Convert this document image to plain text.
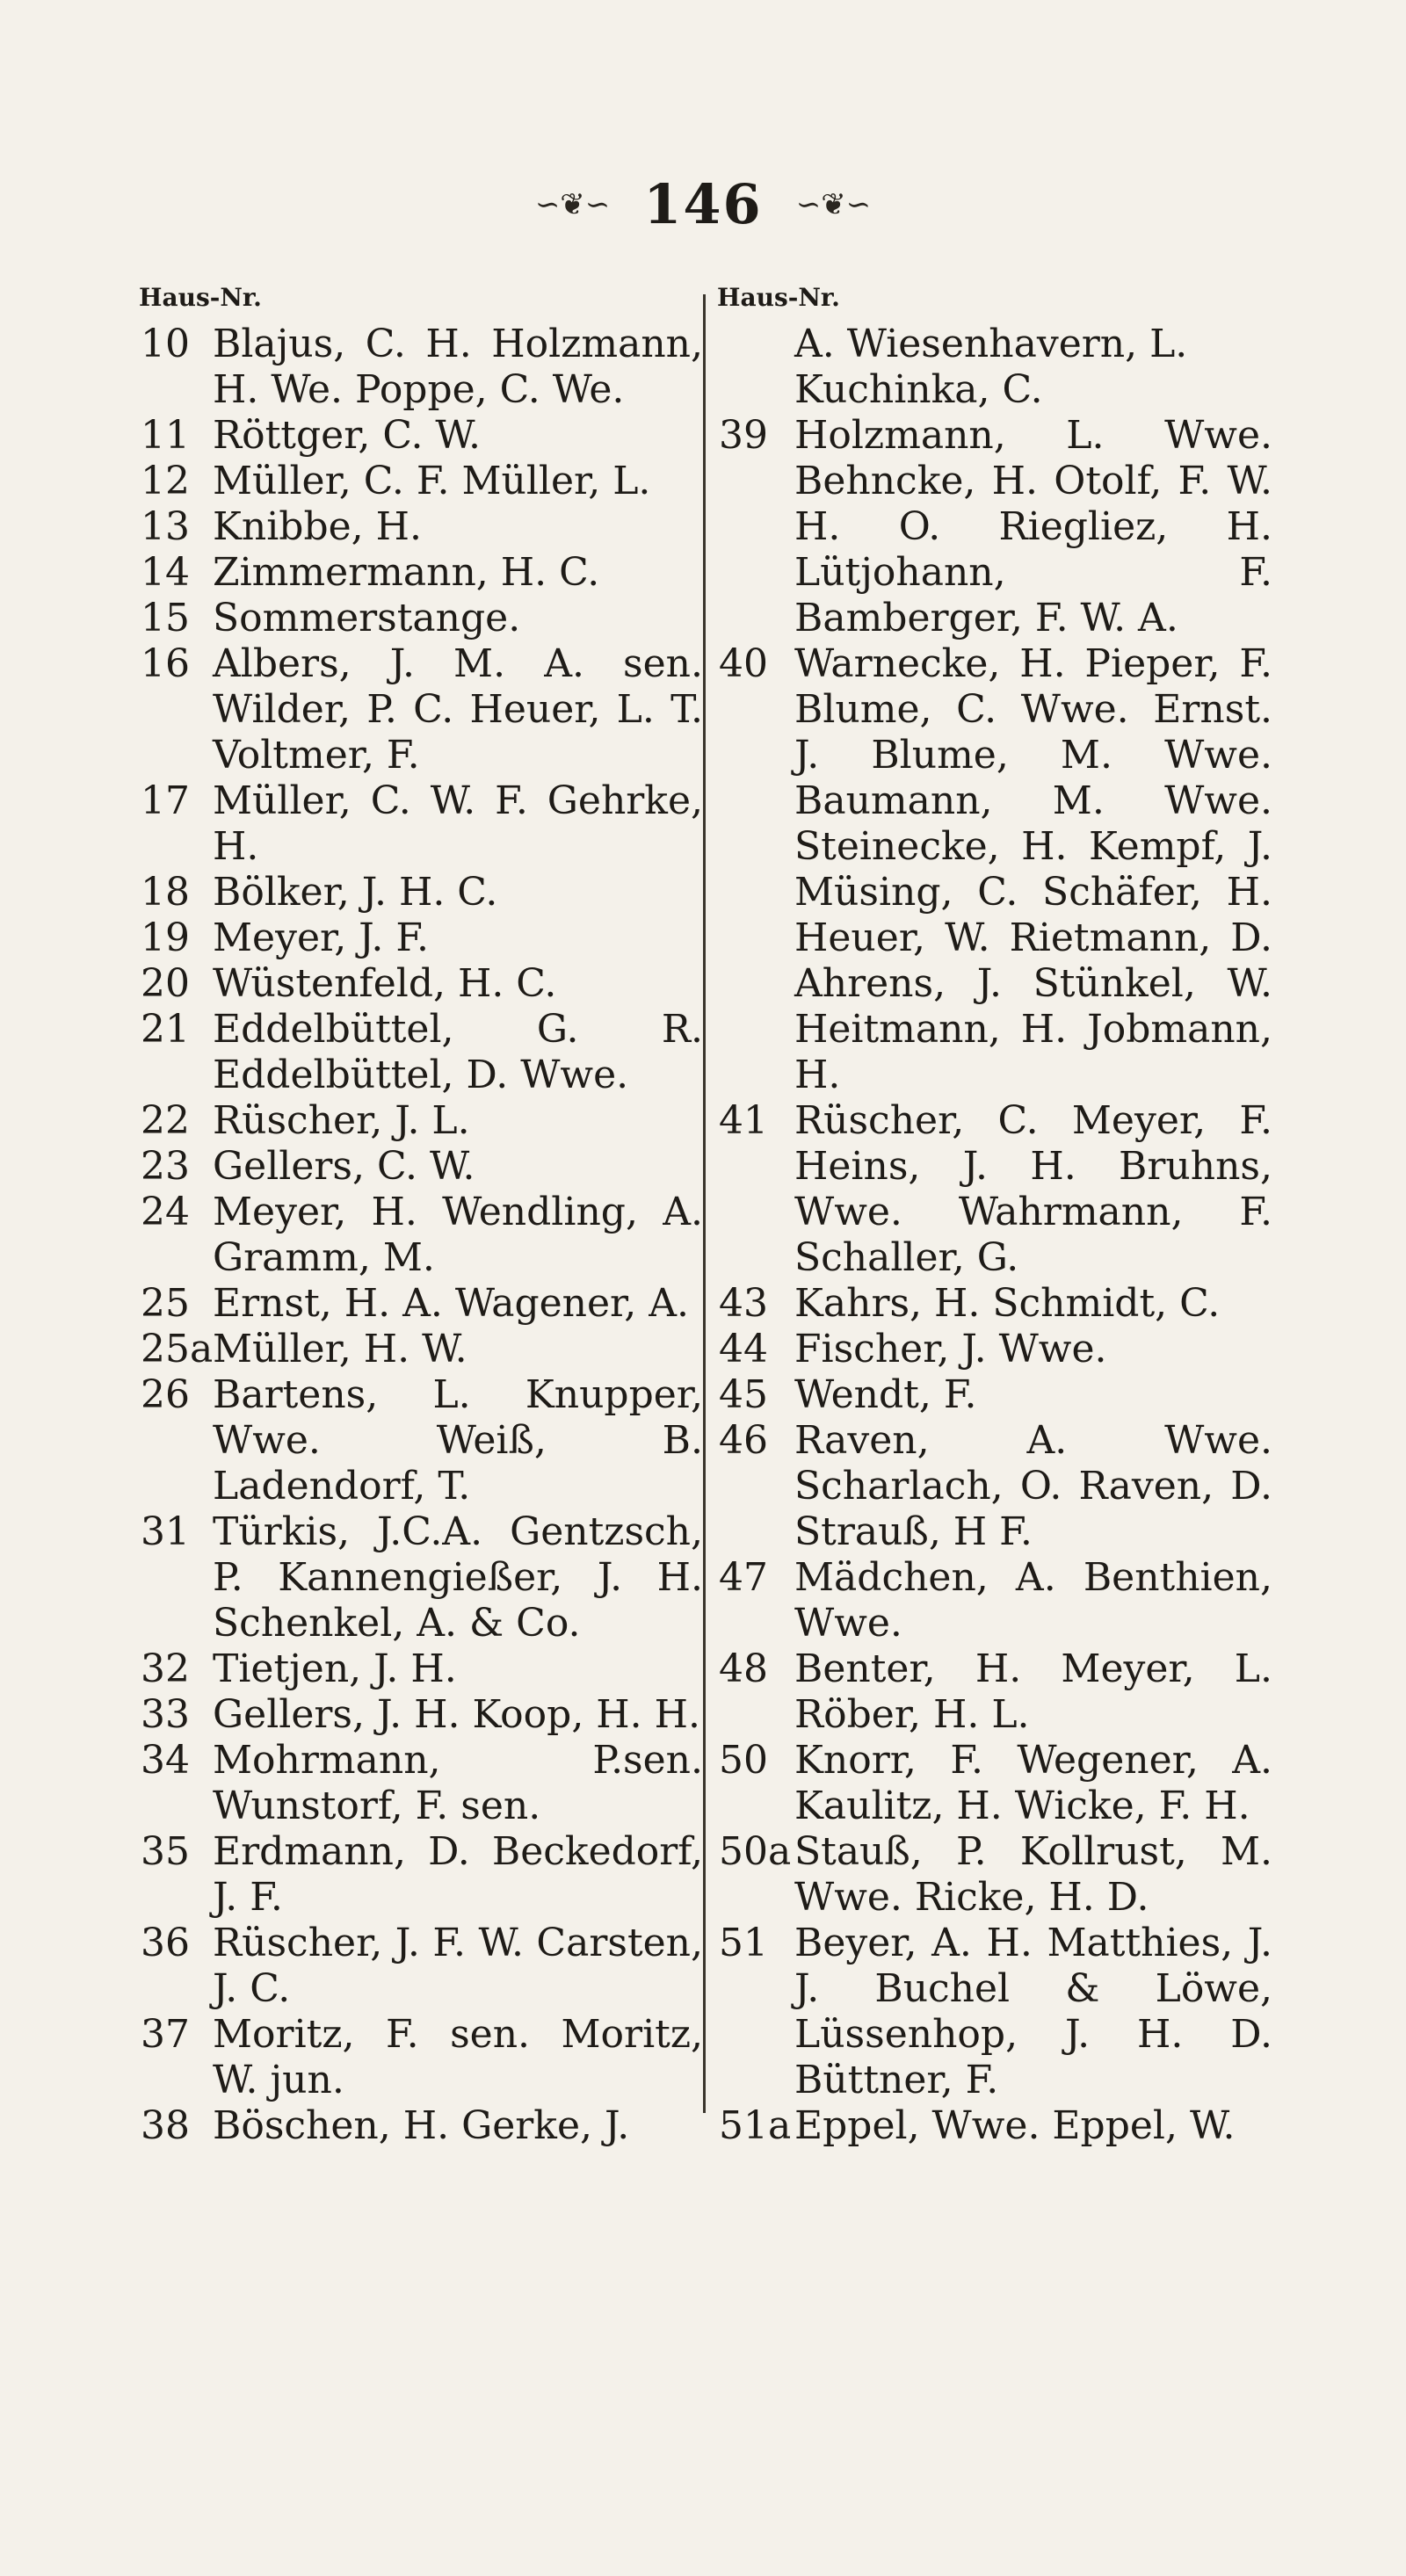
∽❦∽ 146 ∽❦∽
Haus-Nr.
10 Blajus, C. H. Holzmann, H. We. Poppe, C. We.
11 Röttger, C. W.
12 Müller, C. F. Müller, L.
13 Knibbe, H.
14 Zimmermann, H. C.
15 Sommerstange.
16 Albers, J. M. A. sen. Wilder, P. C. Heuer, L. T. Voltmer, F.
17 Müller, C. W. F. Gehrke, H.
18 Bölker, J. H. C.
19 Meyer, J. F.
20 Wüstenfeld, H. C.
21 Eddelbüttel, G. R. Eddelbüttel, D. Wwe.
22 Rüscher, J. L.
23 Gellers, C. W.
24 Meyer, H. Wendling, A. Gramm, M.
25 Ernst, H. A. Wagener, A.
25a Müller, H. W.
26 Bartens, L. Knupper, Wwe. Weiß, B. Ladendorf, T.
31 Türkis, J.C.A. Gentzsch, P. Kannengießer, J. H. Schenkel, A. & Co.
32 Tietjen, J. H.
33 Gellers, J. H. Koop, H. H.
34 Mohrmann, P.sen. Wunstorf, F. sen.
35 Erdmann, D. Beckedorf, J. F.
36 Rüscher, J. F. W. Carsten, J. C.
37 Moritz, F. sen. Moritz, W. jun.
38 Böschen, H. Gerke, J.
Haus-Nr.
A. Wiesenhavern, L. Kuchinka, C.
39 Holzmann, L. Wwe. Behncke, H. Otolf, F. W. H. O. Riegliez, H. Lütjohann, F. Bamberger, F. W. A.
40 Warnecke, H. Pieper, F. Blume, C. Wwe. Ernst. J. Blume, M. Wwe. Baumann, M. Wwe. Steinecke, H. Kempf, J. Müsing, C. Schäfer, H. Heuer, W. Rietmann, D. Ahrens, J. Stünkel, W. Heitmann, H. Jobmann, H.
41 Rüscher, C. Meyer, F. Heins, J. H. Bruhns, Wwe. Wahrmann, F. Schaller, G.
43 Kahrs, H. Schmidt, C.
44 Fischer, J. Wwe.
45 Wendt, F.
46 Raven, A. Wwe. Scharlach, O. Raven, D. Strauß, H F.
47 Mädchen, A. Benthien, Wwe.
48 Benter, H. Meyer, L. Röber, H. L.
50 Knorr, F. Wegener, A. Kaulitz, H. Wicke, F. H.
50a Stauß, P. Kollrust, M. Wwe. Ricke, H. D.
51 Beyer, A. H. Matthies, J. J. Buchel & Löwe, Lüssenhop, J. H. D. Büttner, F.
51a Eppel, Wwe. Eppel, W.
